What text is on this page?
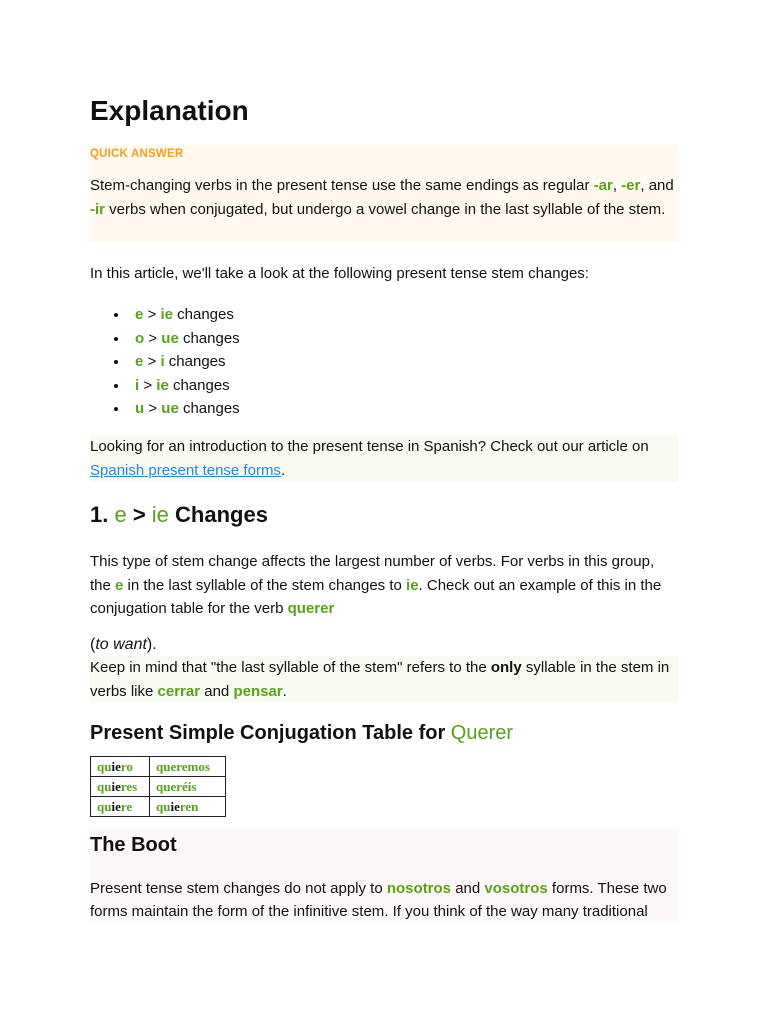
Explanation
QUICK ANSWER
Stem-changing verbs in the present tense use the same endings as regular -ar, -er, and -ir verbs when conjugated, but undergo a vowel change in the last syllable of the stem.
In this article, we'll take a look at the following present tense stem changes:
e > ie changes
o > ue changes
e > i changes
i > ie changes
u > ue changes
Looking for an introduction to the present tense in Spanish? Check out our article on Spanish present tense forms.
1. e > ie Changes
This type of stem change affects the largest number of verbs. For verbs in this group, the e in the last syllable of the stem changes to ie. Check out an example of this in the conjugation table for the verb querer
(to want).
Keep in mind that "the last syllable of the stem" refers to the only syllable in the stem in verbs like cerrar and pensar.
Present Simple Conjugation Table for Querer
quiero	queremos
quieres	queréis
quiere	quieren
The Boot
Present tense stem changes do not apply to nosotros and vosotros forms. These two forms maintain the form of the infinitive stem. If you think of the way many traditional
